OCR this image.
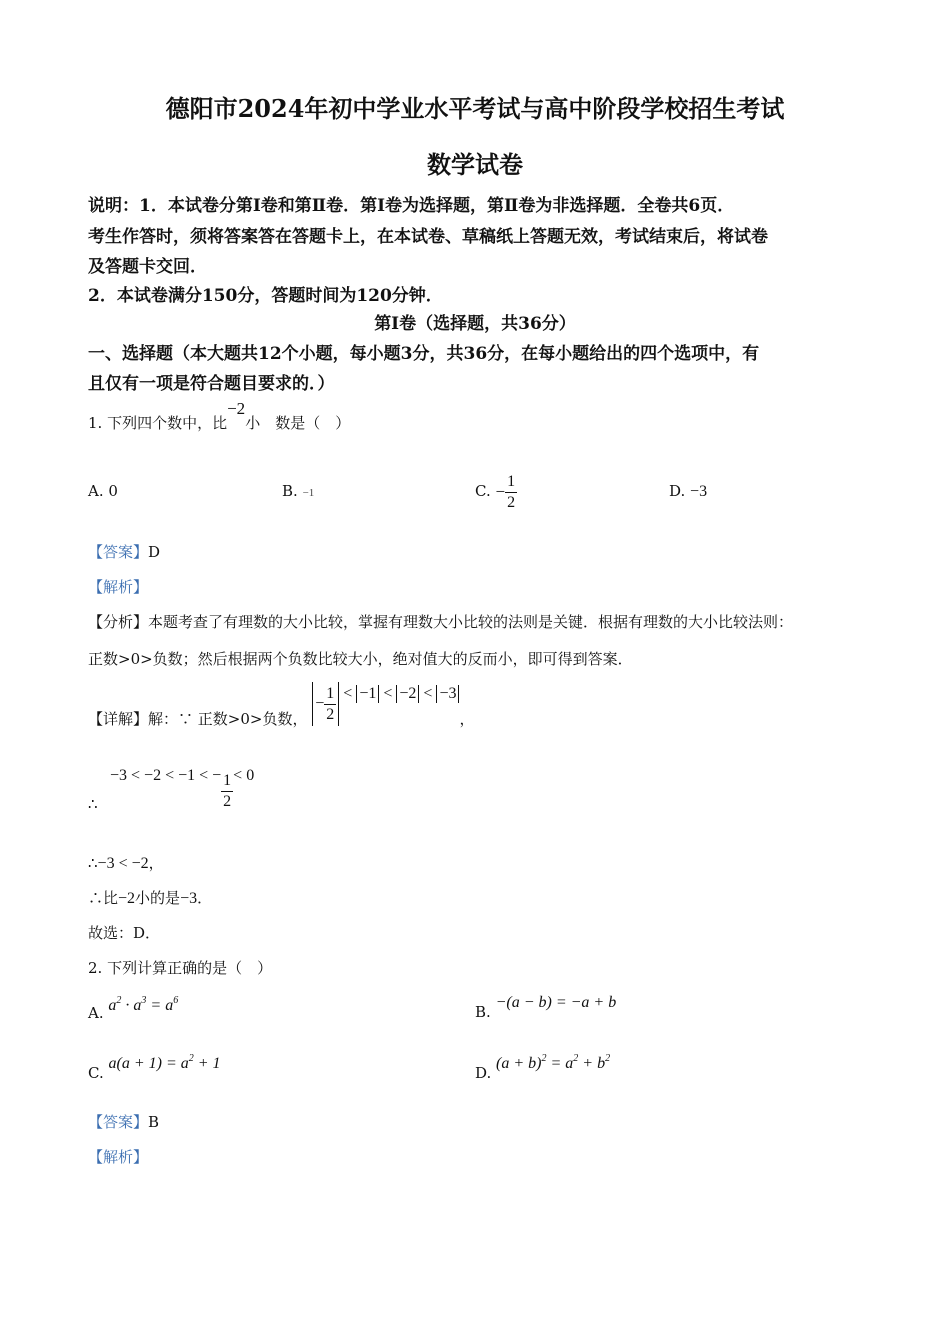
德阳市2024年初中学业水平考试与高中阶段学校招生考试
数学试卷
说明：1．本试卷分第Ⅰ卷和第Ⅱ卷．第Ⅰ卷为选择题，第Ⅱ卷为非选择题．全卷共6页．
考生作答时，须将答案答在答题卡上，在本试卷、草稿纸上答题无效，考试结束后，将试卷
及答题卡交回．
2．本试卷满分150分，答题时间为120分钟．
第Ⅰ卷（选择题，共36分）
一、选择题（本大题共12个小题，每小题3分，共36分，在每小题给出的四个选项中，有
且仅有一项是符合题目要求的．）
1. 下列四个数中，比−2小　 数是（　）
A. 0	B. −1	C. − $\frac{1}{2}$	D. −3
【答案】D
【解析】
【分析】本题考查了有理数的大小比较，掌握有理数大小比较的法则是关键．根据有理数的大小比较法则：
正数>0>负数；然后根据两个负数比较大小，绝对值大的反而小，即可得到答案．
【详解】解：∵ 正数>0>负数， − $\frac{1}{2} < -1 < -2 < -3$，
∴
−3 < −2 < −1 < − $\frac{1}{2} < 0$
∴−3 < −2，
∴比−2小的是−3．
故选：D．
2. 下列计算正确的是（　）
A. $a^2 \cdot a^3 = a^6$
B. −(a − b) = −a + b
C. $a(a + 1) = a^2 + 1$
D. $(a + b)^2 = a^2 + b^2$
【答案】B
【解析】
